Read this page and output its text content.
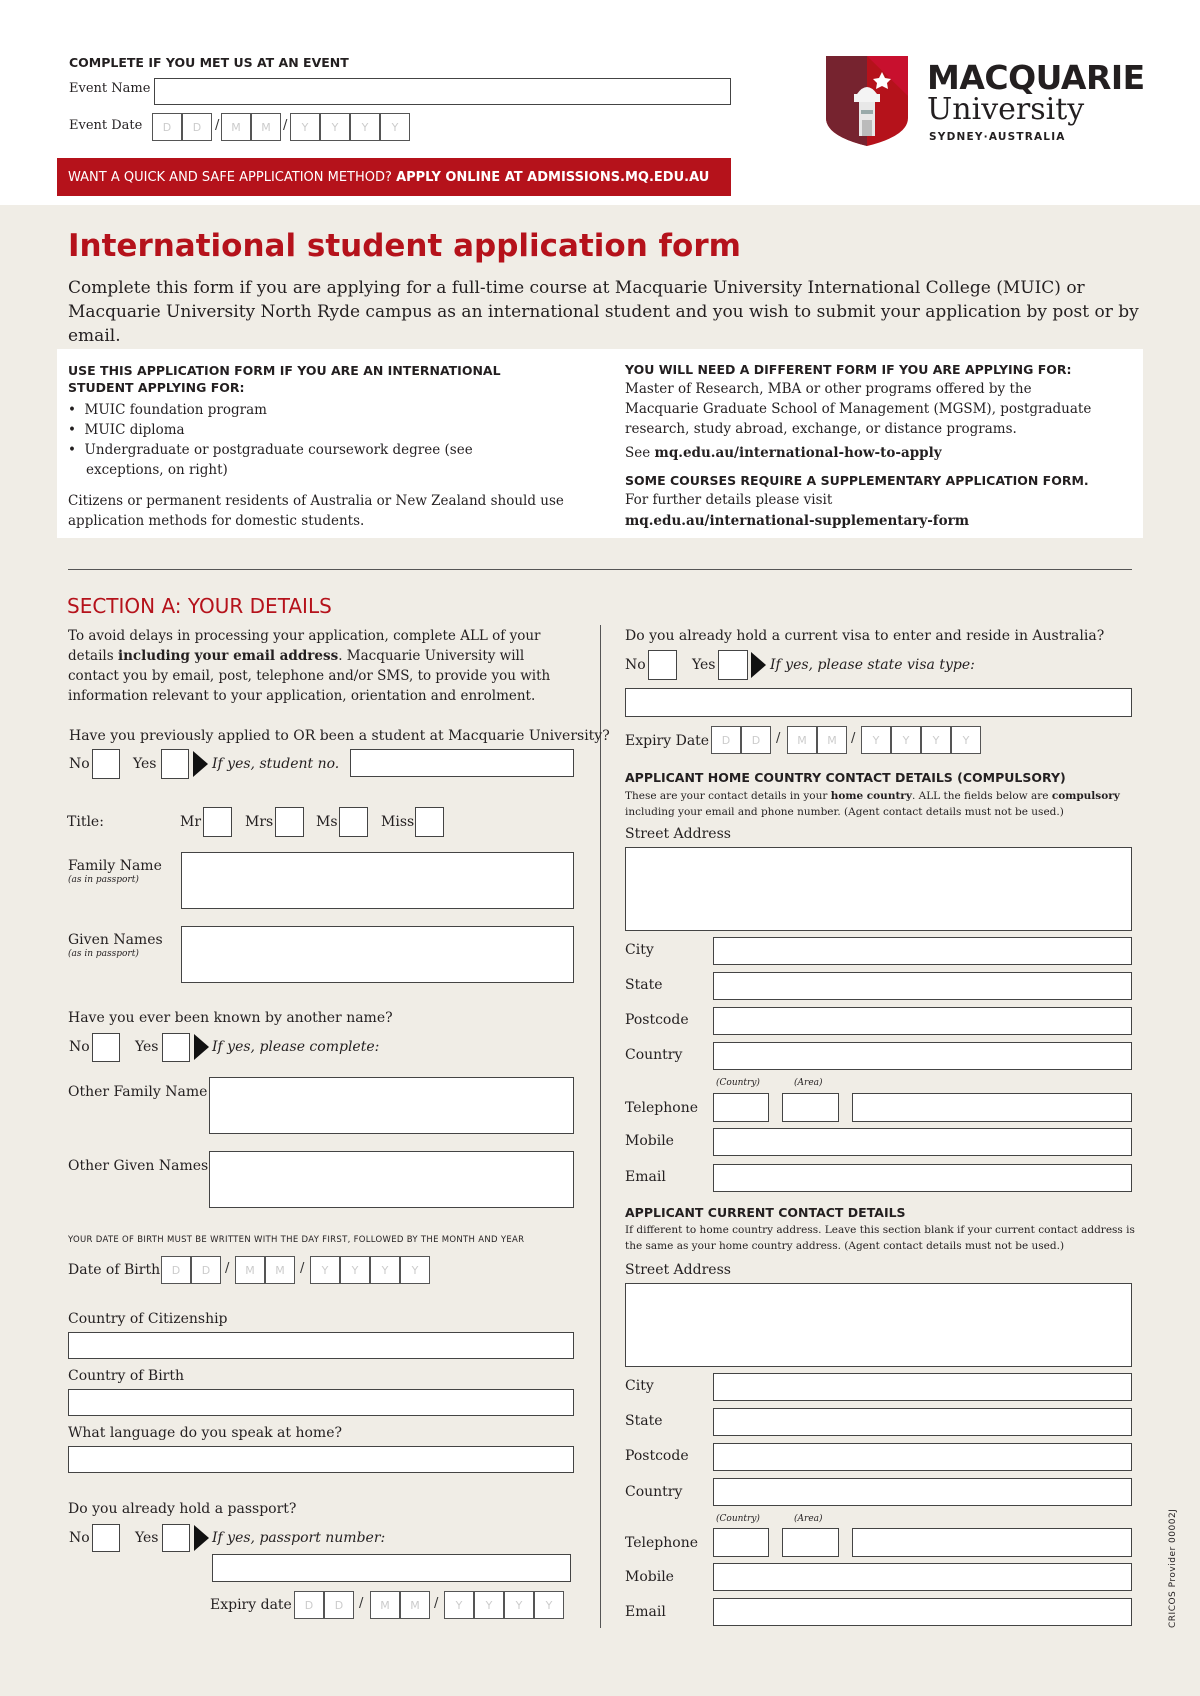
COMPLETE IF YOU MET US AT AN EVENT
Event Name
Event Date	D	D	/	M	M /	Y	Y	Y	Y
WANT A QUICK AND SAFE APPLICATION METHOD?
APPLY ONLINE AT ADMISSIONS.MQ.EDU.AU
MACQUARIE
University
SYDNEY·AUSTRALIA
International student application form
Complete this form if you are applying for a full-time course at Macquarie University International College (MUIC) or Macquarie University North Ryde campus as an international student and you wish to submit your application by post or by email.
USE THIS APPLICATION FORM IF YOU ARE AN INTERNATIONAL STUDENT APPLYING FOR:
•  MUIC foundation program
•  MUIC diploma
•  Undergraduate or postgraduate coursework degree (see exceptions, on right)
Citizens or permanent residents of Australia or New Zealand should use application methods for domestic students.
YOU WILL NEED A DIFFERENT FORM IF YOU ARE APPLYING FOR:
Master of Research, MBA or other programs offered by the Macquarie Graduate School of Management (MGSM), postgraduate research, study abroad, exchange, or distance programs.
See mq.edu.au/international-how-to-apply
SOME COURSES REQUIRE A SUPPLEMENTARY APPLICATION FORM.
For further details please visit
mq.edu.au/international-supplementary-form
SECTION A: YOUR DETAILS
To avoid delays in processing your application, complete ALL of your details including your email address. Macquarie University will contact you by email, post, telephone and/or SMS, to provide you with information relevant to your application, orientation and enrolment.
Have you previously applied to OR been a student at Macquarie University?
No	Yes	If yes, student no.
Title:	Mr	Mrs	Ms	Miss
Family Name
(as in passport)
Given Names
(as in passport)
Have you ever been known by another name?
No	Yes	If yes, please complete:
Other Family Name
Other Given Names
YOUR DATE OF BIRTH MUST BE WRITTEN WITH THE DAY FIRST, FOLLOWED BY THE MONTH AND YEAR
Date of Birth	D	D	/	M	M	/	Y	Y	Y	Y
Country of Citizenship
Country of Birth
What language do you speak at home?
Do you already hold a passport?
No	Yes	If yes, passport number:
Expiry date	D	D	/	M	M	/	Y	Y	Y	Y
Do you already hold a current visa to enter and reside in Australia?
No	Yes	If yes, please state visa type:
Expiry Date	D	D	/	M	M	/	Y	Y	Y	Y
APPLICANT HOME COUNTRY CONTACT DETAILS (COMPULSORY)
These are your contact details in your home country. ALL the fields below are compulsory including your email and phone number. (Agent contact details must not be used.)
Street Address
City
State
Postcode
Country
(Country)	(Area)
Telephone
Mobile
Email
APPLICANT CURRENT CONTACT DETAILS
If different to home country address. Leave this section blank if your current contact address is the same as your home country address. (Agent contact details must not be used.)
Street Address
City
State
Postcode
Country
(Country)	(Area)
Telephone
Mobile
Email	CRICOS Provider 00002J
